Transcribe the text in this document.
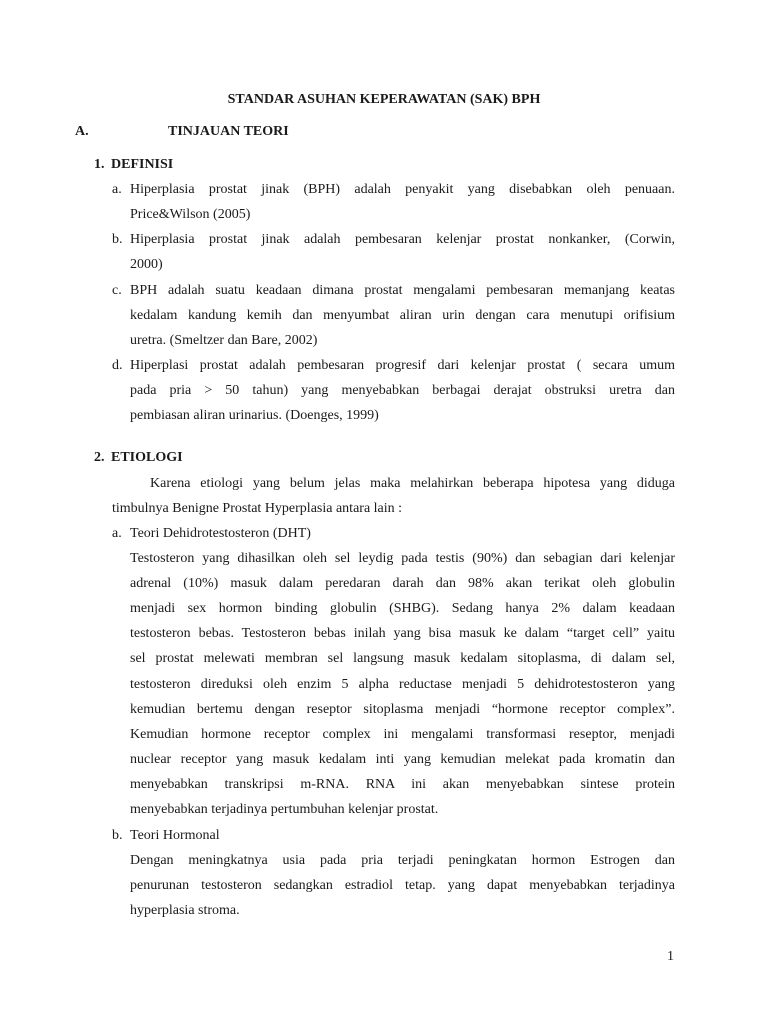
STANDAR ASUHAN KEPERAWATAN (SAK) BPH
A.	TINJAUAN TEORI
1. DEFINISI
a. Hiperplasia prostat jinak (BPH) adalah penyakit yang disebabkan oleh penuaan.
Price&Wilson (2005)
b. Hiperplasia prostat jinak adalah pembesaran kelenjar prostat nonkanker, (Corwin,
2000)
c. BPH adalah suatu keadaan dimana prostat mengalami pembesaran memanjang keatas
kedalam kandung kemih dan menyumbat aliran urin dengan cara menutupi orifisium
uretra. (Smeltzer dan Bare, 2002)
d. Hiperplasi prostat adalah pembesaran progresif dari kelenjar prostat ( secara umum
pada pria > 50 tahun) yang menyebabkan berbagai derajat obstruksi uretra dan
pembiasan aliran urinarius. (Doenges, 1999)
2. ETIOLOGI
Karena etiologi yang belum jelas maka melahirkan beberapa hipotesa yang diduga
timbulnya Benigne Prostat Hyperplasia antara lain :
a. Teori Dehidrotestosteron (DHT)
Testosteron yang dihasilkan oleh sel leydig pada testis (90%) dan sebagian dari kelenjar
adrenal (10%) masuk dalam peredaran darah dan 98% akan terikat oleh globulin
menjadi sex hormon binding globulin (SHBG). Sedang hanya 2% dalam keadaan
testosteron bebas. Testosteron bebas inilah yang bisa masuk ke dalam “target cell” yaitu
sel prostat melewati membran sel langsung masuk kedalam sitoplasma, di dalam sel,
testosteron direduksi oleh enzim 5 alpha reductase menjadi 5 dehidrotestosteron yang
kemudian bertemu dengan reseptor sitoplasma menjadi “hormone receptor complex”.
Kemudian hormone receptor complex ini mengalami transformasi reseptor, menjadi
nuclear receptor yang masuk kedalam inti yang kemudian melekat pada kromatin dan
menyebabkan transkripsi m-RNA. RNA ini akan menyebabkan sintese protein
menyebabkan terjadinya pertumbuhan kelenjar prostat.
b. Teori Hormonal
Dengan meningkatnya usia pada pria terjadi peningkatan hormon Estrogen dan
penurunan testosteron sedangkan estradiol tetap. yang dapat menyebabkan terjadinya
hyperplasia stroma.
1
